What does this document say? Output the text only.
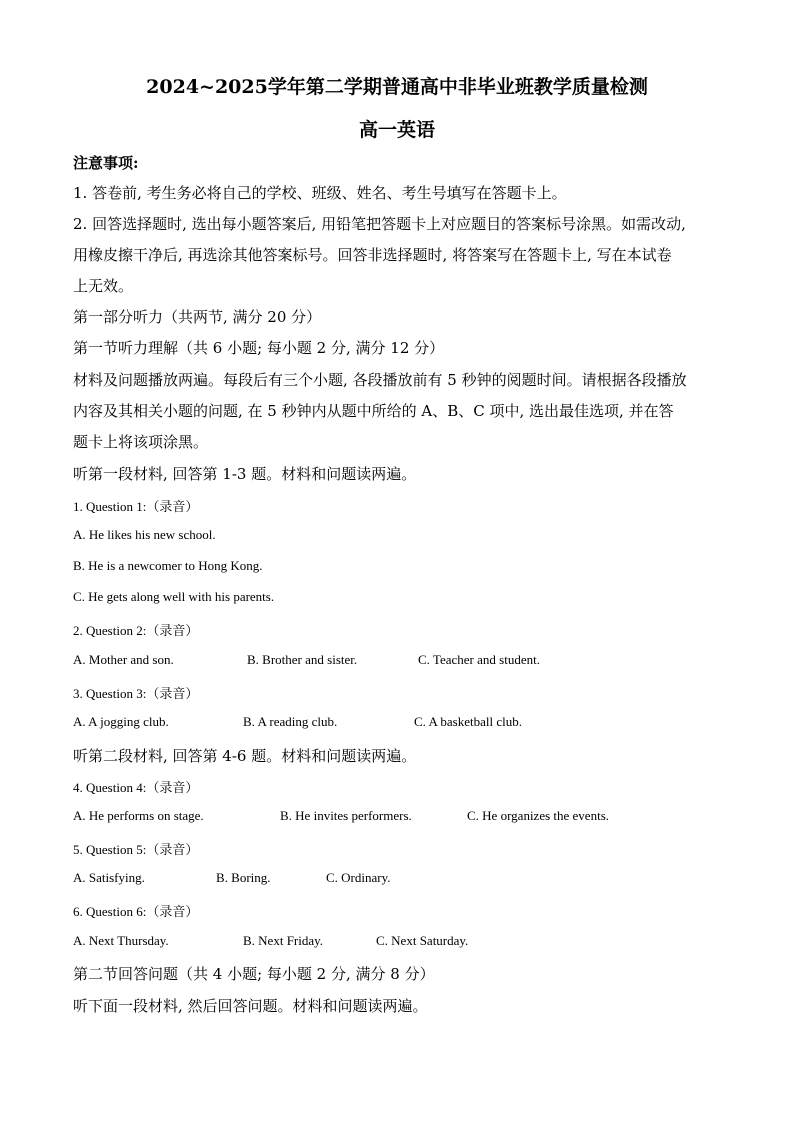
2024~2025学年第二学期普通高中非毕业班教学质量检测
高一英语
注意事项:
1. 答卷前, 考生务必将自己的学校、班级、姓名、考生号填写在答题卡上。
2. 回答选择题时, 选出每小题答案后, 用铅笔把答题卡上对应题目的答案标号涂黑。如需改动,
用橡皮擦干净后, 再选涂其他答案标号。回答非选择题时, 将答案写在答题卡上, 写在本试卷
上无效。
第一部分听力（共两节, 满分 20 分）
第一节听力理解（共 6 小题; 每小题 2 分, 满分 12 分）
材料及问题播放两遍。每段后有三个小题, 各段播放前有 5 秒钟的阅题时间。请根据各段播放
内容及其相关小题的问题, 在 5 秒钟内从题中所给的 A、B、C 项中, 选出最佳选项, 并在答
题卡上将该项涂黑。
听第一段材料, 回答第 1-3 题。材料和问题读两遍。
1. Question 1:（录音）
A. He likes his new school.
B. He is a newcomer to Hong Kong.
C. He gets along well with his parents.
2. Question 2:（录音）
A. Mother and son.	B. Brother and sister.	C. Teacher and student.
3. Question 3:（录音）
A. A jogging club.	B. A reading club.	C. A basketball club.
听第二段材料, 回答第 4-6 题。材料和问题读两遍。
4. Question 4:（录音）
A. He performs on stage.	B. He invites performers.	C. He organizes the events.
5. Question 5:（录音）
A. Satisfying.	B. Boring.	C. Ordinary.
6. Question 6:（录音）
A. Next Thursday.	B. Next Friday.	C. Next Saturday.
第二节回答问题（共 4 小题; 每小题 2 分, 满分 8 分）
听下面一段材料, 然后回答问题。材料和问题读两遍。
